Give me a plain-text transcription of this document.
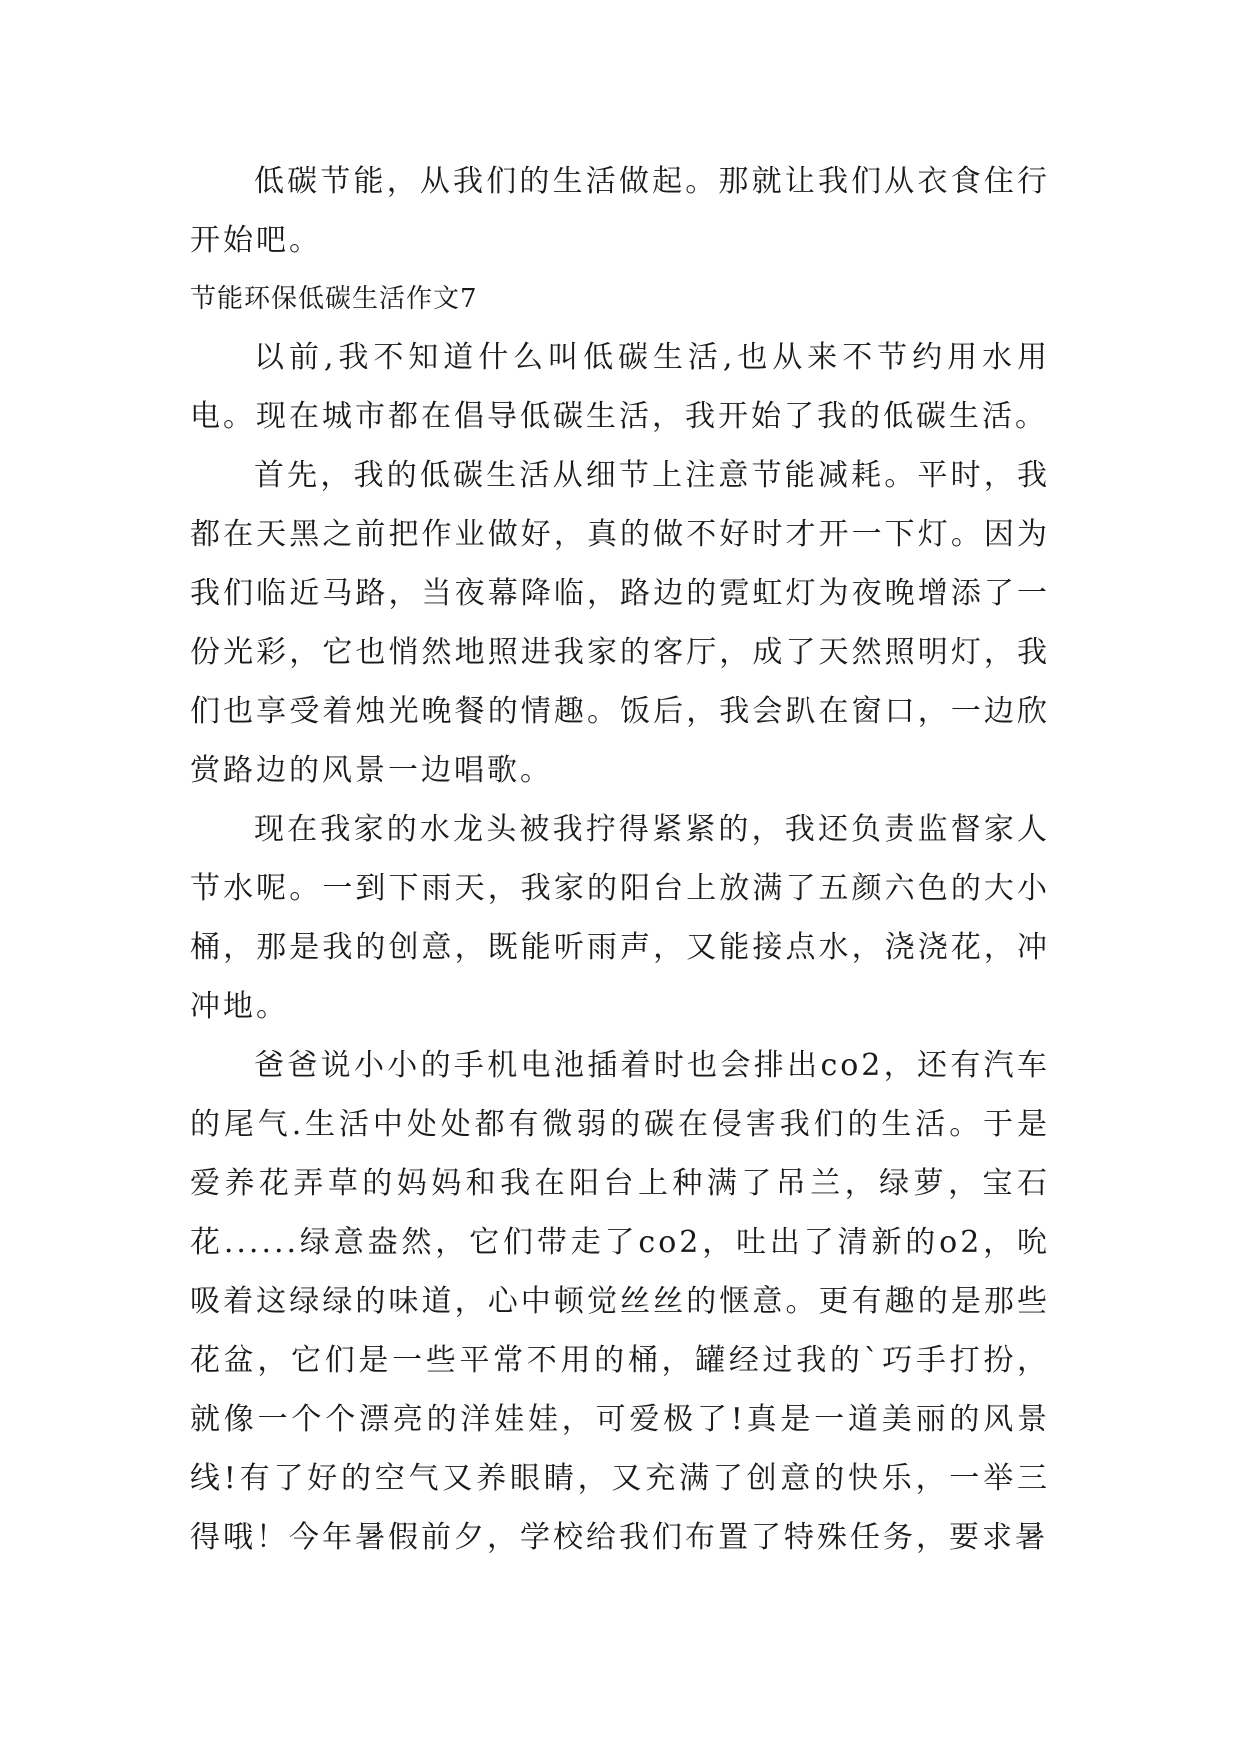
低碳节能，从我们的生活做起。那就让我们从衣食住行开始吧。

节能环保低碳生活作文7

以前,我不知道什么叫低碳生活,也从来不节约用水用电。现在城市都在倡导低碳生活，我开始了我的低碳生活。

首先，我的低碳生活从细节上注意节能减耗。平时，我都在天黑之前把作业做好，真的做不好时才开一下灯。因为我们临近马路，当夜幕降临，路边的霓虹灯为夜晚增添了一份光彩，它也悄然地照进我家的客厅，成了天然照明灯，我们也享受着烛光晚餐的情趣。饭后，我会趴在窗口，一边欣赏路边的风景一边唱歌。

现在我家的水龙头被我拧得紧紧的，我还负责监督家人节水呢。一到下雨天，我家的阳台上放满了五颜六色的大小桶，那是我的创意，既能听雨声，又能接点水，浇浇花，冲冲地。

爸爸说小小的手机电池插着时也会排出co2，还有汽车的尾气.生活中处处都有微弱的碳在侵害我们的生活。于是爱养花弄草的妈妈和我在阳台上种满了吊兰，绿萝，宝石花......绿意盎然，它们带走了co2，吐出了清新的o2，吮吸着这绿绿的味道，心中顿觉丝丝的惬意。更有趣的是那些花盆，它们是一些平常不用的桶，罐经过我的`巧手打扮，就像一个个漂亮的洋娃娃，可爱极了!真是一道美丽的风景线!有了好的空气又养眼睛，又充满了创意的快乐，一举三得哦！今年暑假前夕，学校给我们布置了特殊任务，要求暑
